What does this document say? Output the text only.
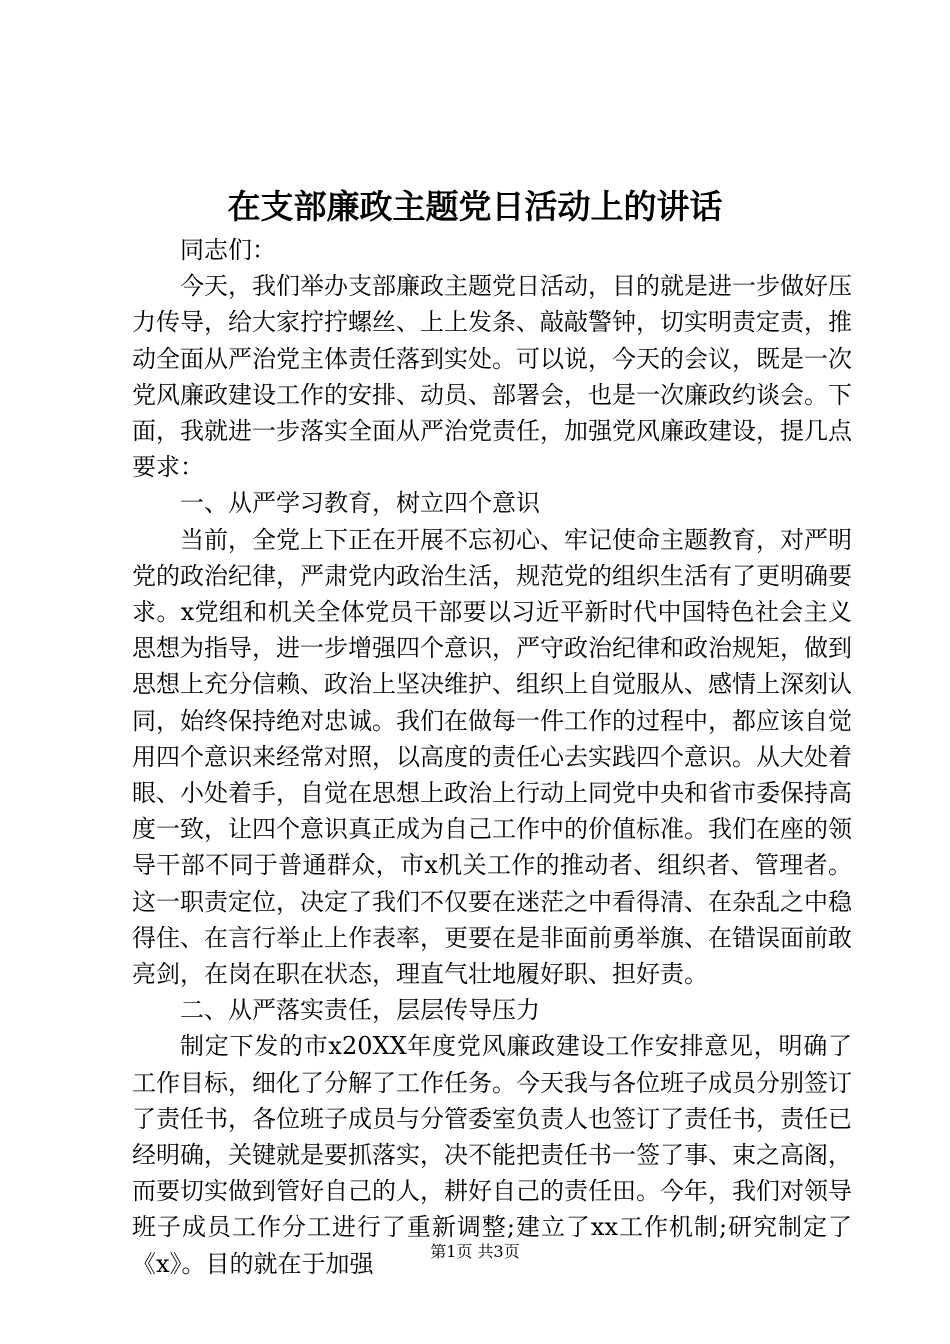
在支部廉政主题党日活动上的讲话

同志们：

今天，我们举办支部廉政主题党日活动，目的就是进一步做好压力传导，给大家拧拧螺丝、上上发条、敲敲警钟，切实明责定责，推动全面从严治党主体责任落到实处。可以说，今天的会议，既是一次党风廉政建设工作的安排、动员、部署会，也是一次廉政约谈会。下面，我就进一步落实全面从严治党责任，加强党风廉政建设，提几点要求：

一、从严学习教育，树立四个意识

当前，全党上下正在开展不忘初心、牢记使命主题教育，对严明党的政治纪律，严肃党内政治生活，规范党的组织生活有了更明确要求。x党组和机关全体党员干部要以习近平新时代中国特色社会主义思想为指导，进一步增强四个意识，严守政治纪律和政治规矩，做到思想上充分信赖、政治上坚决维护、组织上自觉服从、感情上深刻认同，始终保持绝对忠诚。我们在做每一件工作的过程中，都应该自觉用四个意识来经常对照，以高度的责任心去实践四个意识。从大处着眼、小处着手，自觉在思想上政治上行动上同党中央和省市委保持高度一致，让四个意识真正成为自己工作中的价值标准。我们在座的领导干部不同于普通群众，市x机关工作的推动者、组织者、管理者。这一职责定位，决定了我们不仅要在迷茫之中看得清、在杂乱之中稳得住、在言行举止上作表率，更要在是非面前勇举旗、在错误面前敢亮剑，在岗在职在状态，理直气壮地履好职、担好责。

二、从严落实责任，层层传导压力

制定下发的市x20XX年度党风廉政建设工作安排意见，明确了工作目标，细化了分解了工作任务。今天我与各位班子成员分别签订了责任书，各位班子成员与分管委室负责人也签订了责任书，责任已经明确，关键就是要抓落实，决不能把责任书一签了事、束之高阁，而要切实做到管好自己的人，耕好自己的责任田。今年，我们对领导班子成员工作分工进行了重新调整;建立了xx工作机制;研究制定了《x》。目的就在于加强	第1页 共3页
